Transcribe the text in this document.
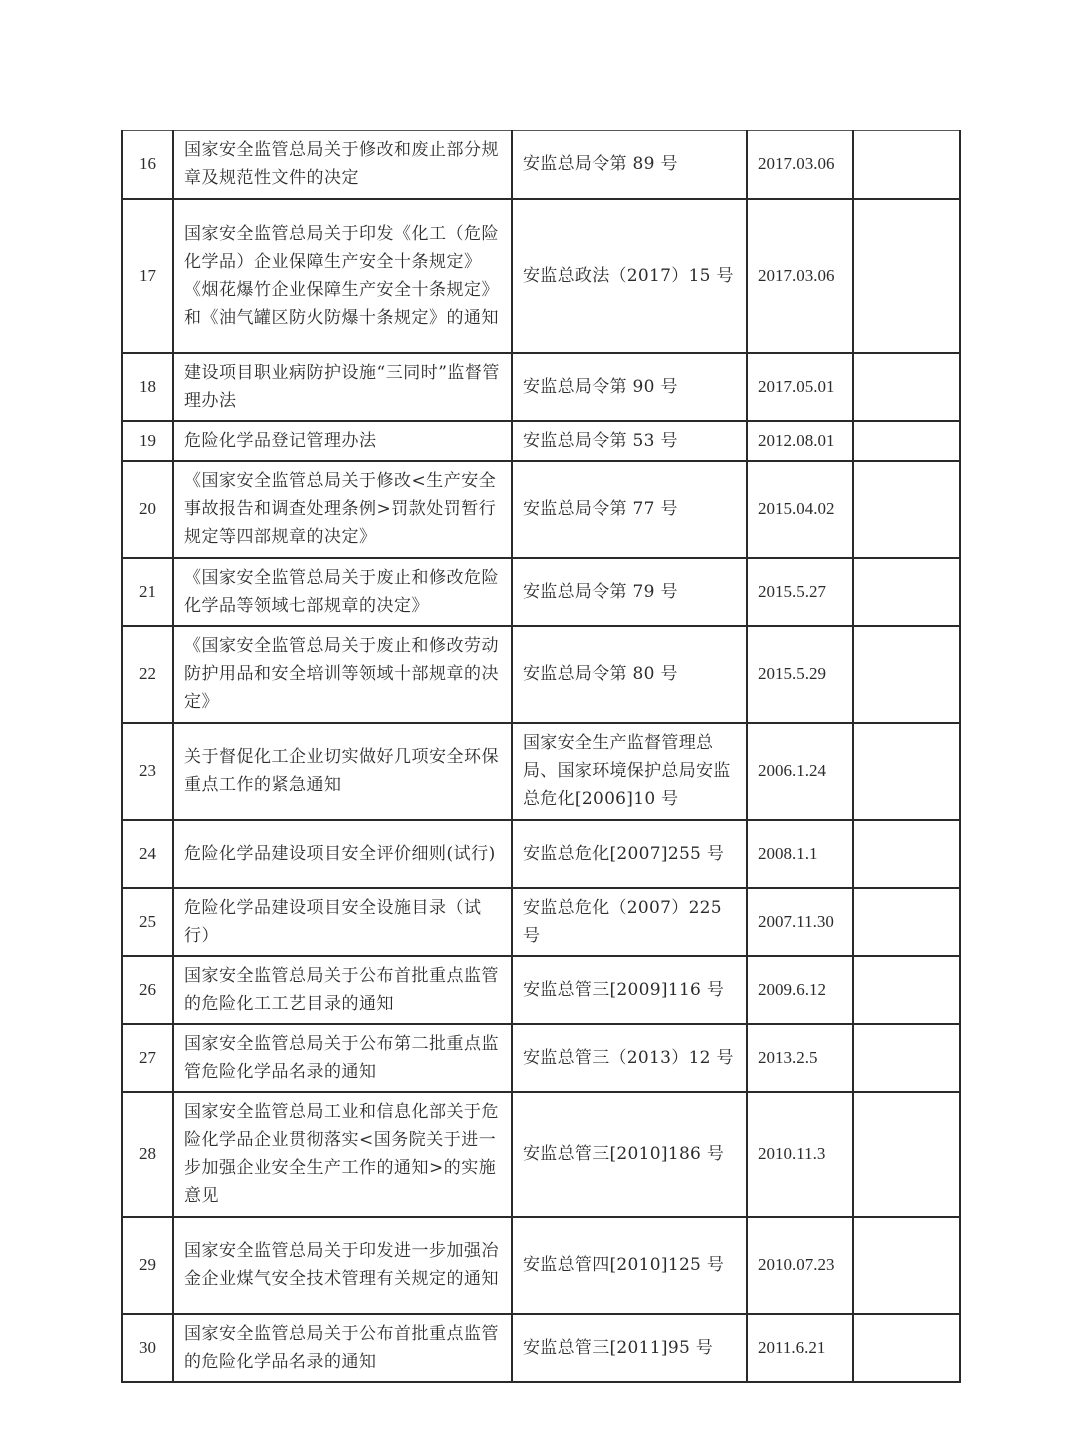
16	国家安全监管总局关于修改和废止部分规章及规范性文件的决定	安监总局令第 89 号	2017.03.06	
17	国家安全监管总局关于印发《化工（危险化学品）企业保障生产安全十条规定》《烟花爆竹企业保障生产安全十条规定》和《油气罐区防火防爆十条规定》的通知	安监总政法（2017）15 号	2017.03.06	
18	建设项目职业病防护设施“三同时”监督管理办法	安监总局令第 90 号	2017.05.01	
19	危险化学品登记管理办法	安监总局令第 53 号	2012.08.01	
20	《国家安全监管总局关于修改<生产安全事故报告和调查处理条例>罚款处罚暂行规定等四部规章的决定》	安监总局令第 77 号	2015.04.02	
21	《国家安全监管总局关于废止和修改危险化学品等领域七部规章的决定》	安监总局令第 79 号	2015.5.27	
22	《国家安全监管总局关于废止和修改劳动防护用品和安全培训等领域十部规章的决定》	安监总局令第 80 号	2015.5.29	
23	关于督促化工企业切实做好几项安全环保重点工作的紧急通知	国家安全生产监督管理总局、国家环境保护总局安监总危化[2006]10 号	2006.1.24	
24	危险化学品建设项目安全评价细则(试行)	安监总危化[2007]255 号	2008.1.1	
25	危险化学品建设项目安全设施目录（试行）	安监总危化（2007）225 号	2007.11.30	
26	国家安全监管总局关于公布首批重点监管的危险化工工艺目录的通知	安监总管三[2009]116 号	2009.6.12	
27	国家安全监管总局关于公布第二批重点监管危险化学品名录的通知	安监总管三（2013）12 号	2013.2.5	
28	国家安全监管总局工业和信息化部关于危险化学品企业贯彻落实<国务院关于进一步加强企业安全生产工作的通知>的实施意见	安监总管三[2010]186 号	2010.11.3	
29	国家安全监管总局关于印发进一步加强冶金企业煤气安全技术管理有关规定的通知	安监总管四[2010]125 号	2010.07.23	
30	国家安全监管总局关于公布首批重点监管的危险化学品名录的通知	安监总管三[2011]95 号	2011.6.21	
